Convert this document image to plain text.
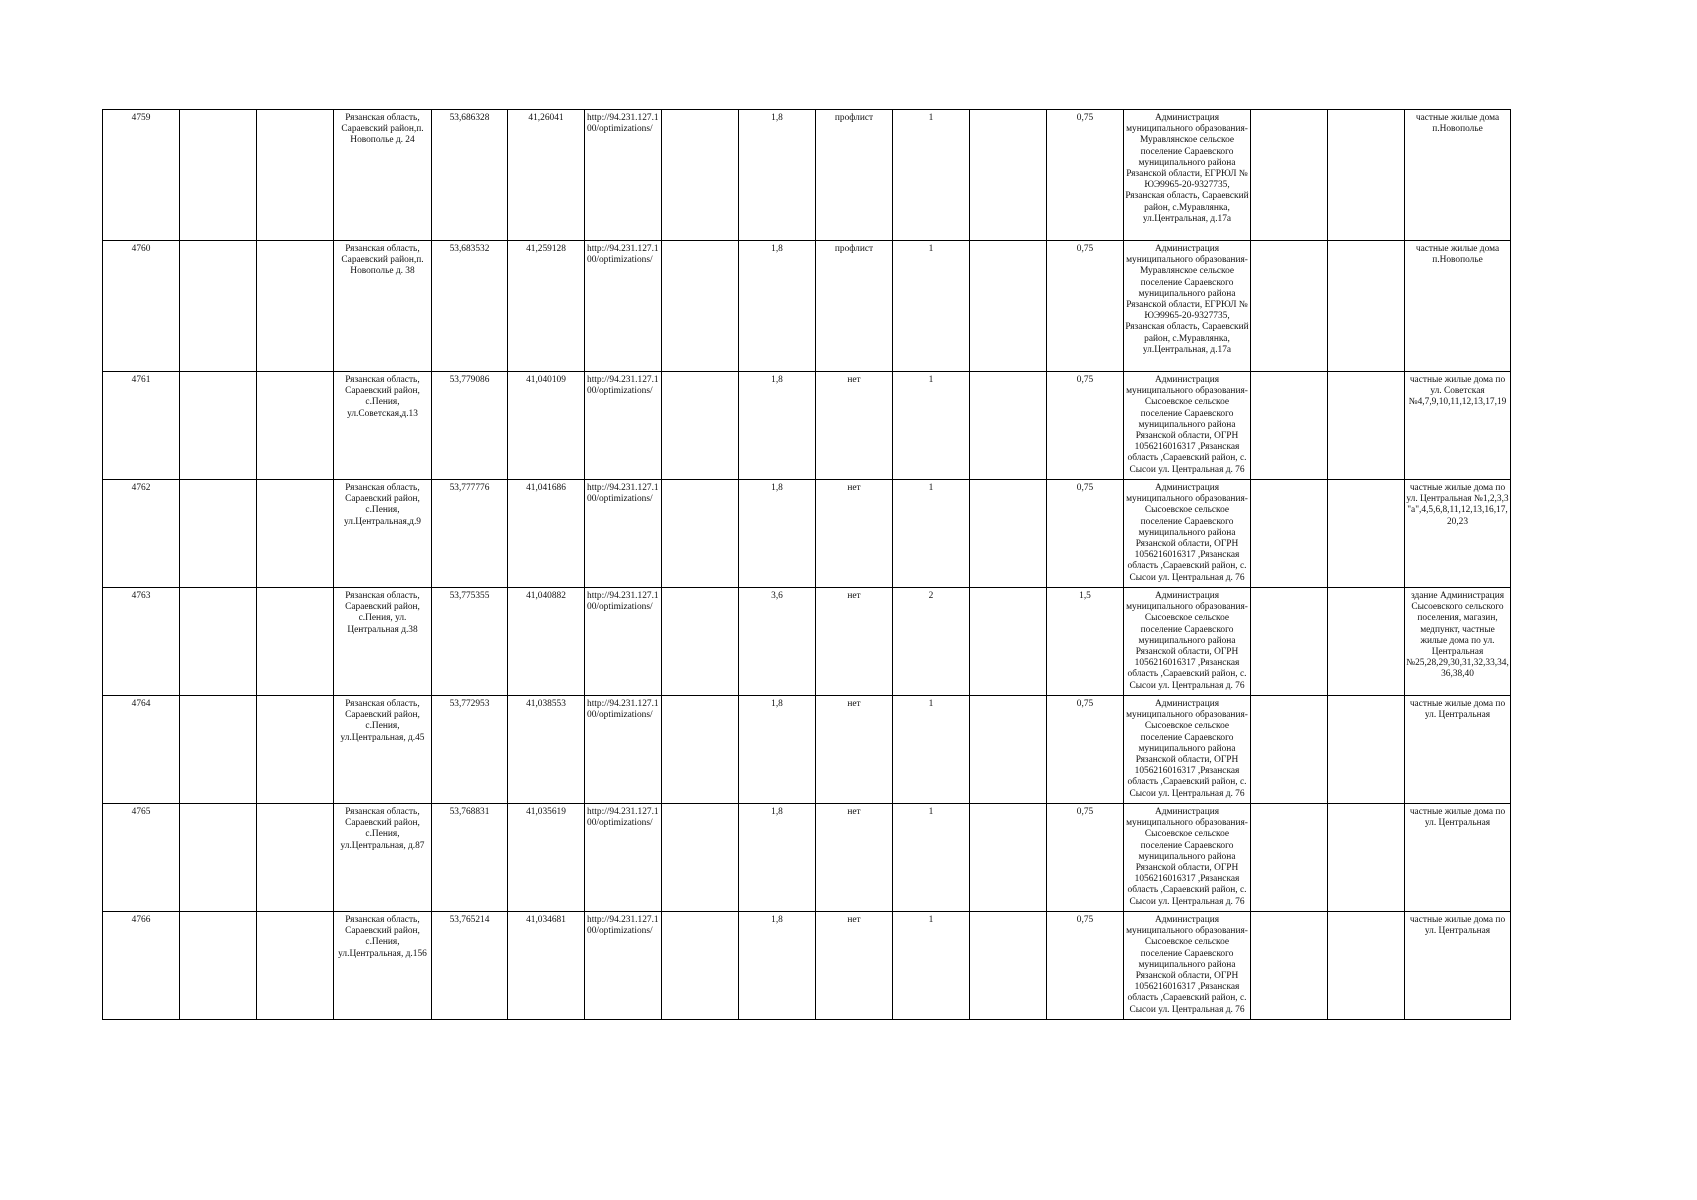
4759			Рязанская область, Сараевский район,п. Новополье д. 24	53,686328	41,26041	http://94.231.127.100/optimizations/		1,8	профлист	1		0,75	Администрация муниципального образования-Муравлянское сельское поселение Сараевского муниципального района Рязанской области, ЕГРЮЛ № ЮЭ9965-20-9327735, Рязанская область, Сараевский район, с.Муравлянка, ул.Центральная, д.17а			частные жилые дома п.Новополье
4760			Рязанская область, Сараевский район,п. Новополье д. 38	53,683532	41,259128	http://94.231.127.100/optimizations/		1,8	профлист	1		0,75	Администрация муниципального образования-Муравлянское сельское поселение Сараевского муниципального района Рязанской области, ЕГРЮЛ № ЮЭ9965-20-9327735, Рязанская область, Сараевский район, с.Муравлянка, ул.Центральная, д.17а			частные жилые дома п.Новополье
4761			Рязанская область, Сараевский район, с.Пения, ул.Советская,д.13	53,779086	41,040109	http://94.231.127.100/optimizations/		1,8	нет	1		0,75	Администрация муниципального образования-Сысоевское сельское поселение Сараевского муниципального района Рязанской области, ОГРН 1056216016317 ,Рязанская область ,Сараевский район, с. Сысои ул. Центральная д. 76			частные жилые дома по ул. Советская №4,7,9,10,11,12,13,17,19
4762			Рязанская область, Сараевский район, с.Пения, ул.Центральная,д.9	53,777776	41,041686	http://94.231.127.100/optimizations/		1,8	нет	1		0,75	Администрация муниципального образования-Сысоевское сельское поселение Сараевского муниципального района Рязанской области, ОГРН 1056216016317 ,Рязанская область ,Сараевский район, с. Сысои ул. Центральная д. 76			частные жилые дома по ул. Центральная №1,2,3,3 "а",4,5,6,8,11,12,13,16,17,20,23
4763			Рязанская область, Сараевский район, с.Пения, ул. Центральная д.38	53,775355	41,040882	http://94.231.127.100/optimizations/		3,6	нет	2		1,5	Администрация муниципального образования-Сысоевское сельское поселение Сараевского муниципального района Рязанской области, ОГРН 1056216016317 ,Рязанская область ,Сараевский район, с. Сысои ул. Центральная д. 76			здание Администрация Сысоевского сельского поселения, магазин, медпункт, частные жилые дома по ул. Центральная №25,28,29,30,31,32,33,34,36,38,40
4764			Рязанская область, Сараевский район, с.Пения, ул.Центральная, д.45	53,772953	41,038553	http://94.231.127.100/optimizations/		1,8	нет	1		0,75	Администрация муниципального образования-Сысоевское сельское поселение Сараевского муниципального района Рязанской области, ОГРН 1056216016317 ,Рязанская область ,Сараевский район, с. Сысои ул. Центральная д. 76			частные жилые дома по ул. Центральная
4765			Рязанская область, Сараевский район, с.Пения, ул.Центральная, д.87	53,768831	41,035619	http://94.231.127.100/optimizations/		1,8	нет	1		0,75	Администрация муниципального образования-Сысоевское сельское поселение Сараевского муниципального района Рязанской области, ОГРН 1056216016317 ,Рязанская область ,Сараевский район, с. Сысои ул. Центральная д. 76			частные жилые дома по ул. Центральная
4766			Рязанская область, Сараевский район, с.Пения, ул.Центральная, д.156	53,765214	41,034681	http://94.231.127.100/optimizations/		1,8	нет	1		0,75	Администрация муниципального образования-Сысоевское сельское поселение Сараевского муниципального района Рязанской области, ОГРН 1056216016317 ,Рязанская область ,Сараевский район, с. Сысои ул. Центральная д. 76			частные жилые дома по ул. Центральная
